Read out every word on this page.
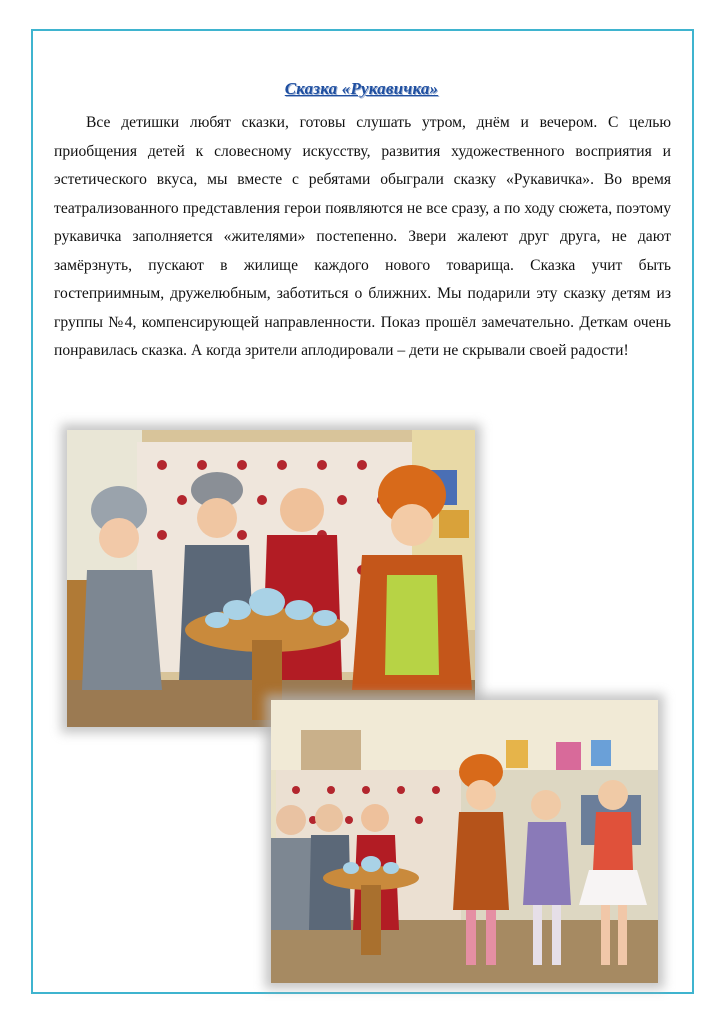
Сказка «Рукавичка»

Все детишки любят сказки, готовы слушать утром, днём и вечером. С целью приобщения детей к словесному искусству, развития художественного восприятия и эстетического вкуса, мы вместе с ребятами обыграли сказку «Рукавичка». Во время театрализованного представления герои появляются не все сразу, а по ходу сюжета, поэтому рукавичка заполняется «жителями» постепенно. Звери жалеют друг друга, не дают замёрзнуть, пускают в жилище каждого нового товарища. Сказка учит быть гостеприимным, дружелюбным, заботиться о ближних. Мы подарили эту сказку детям из группы №4, компенсирующей направленности. Показ прошёл замечательно. Деткам очень понравилась сказка. А когда зрители аплодировали – дети не скрывали своей радости!
